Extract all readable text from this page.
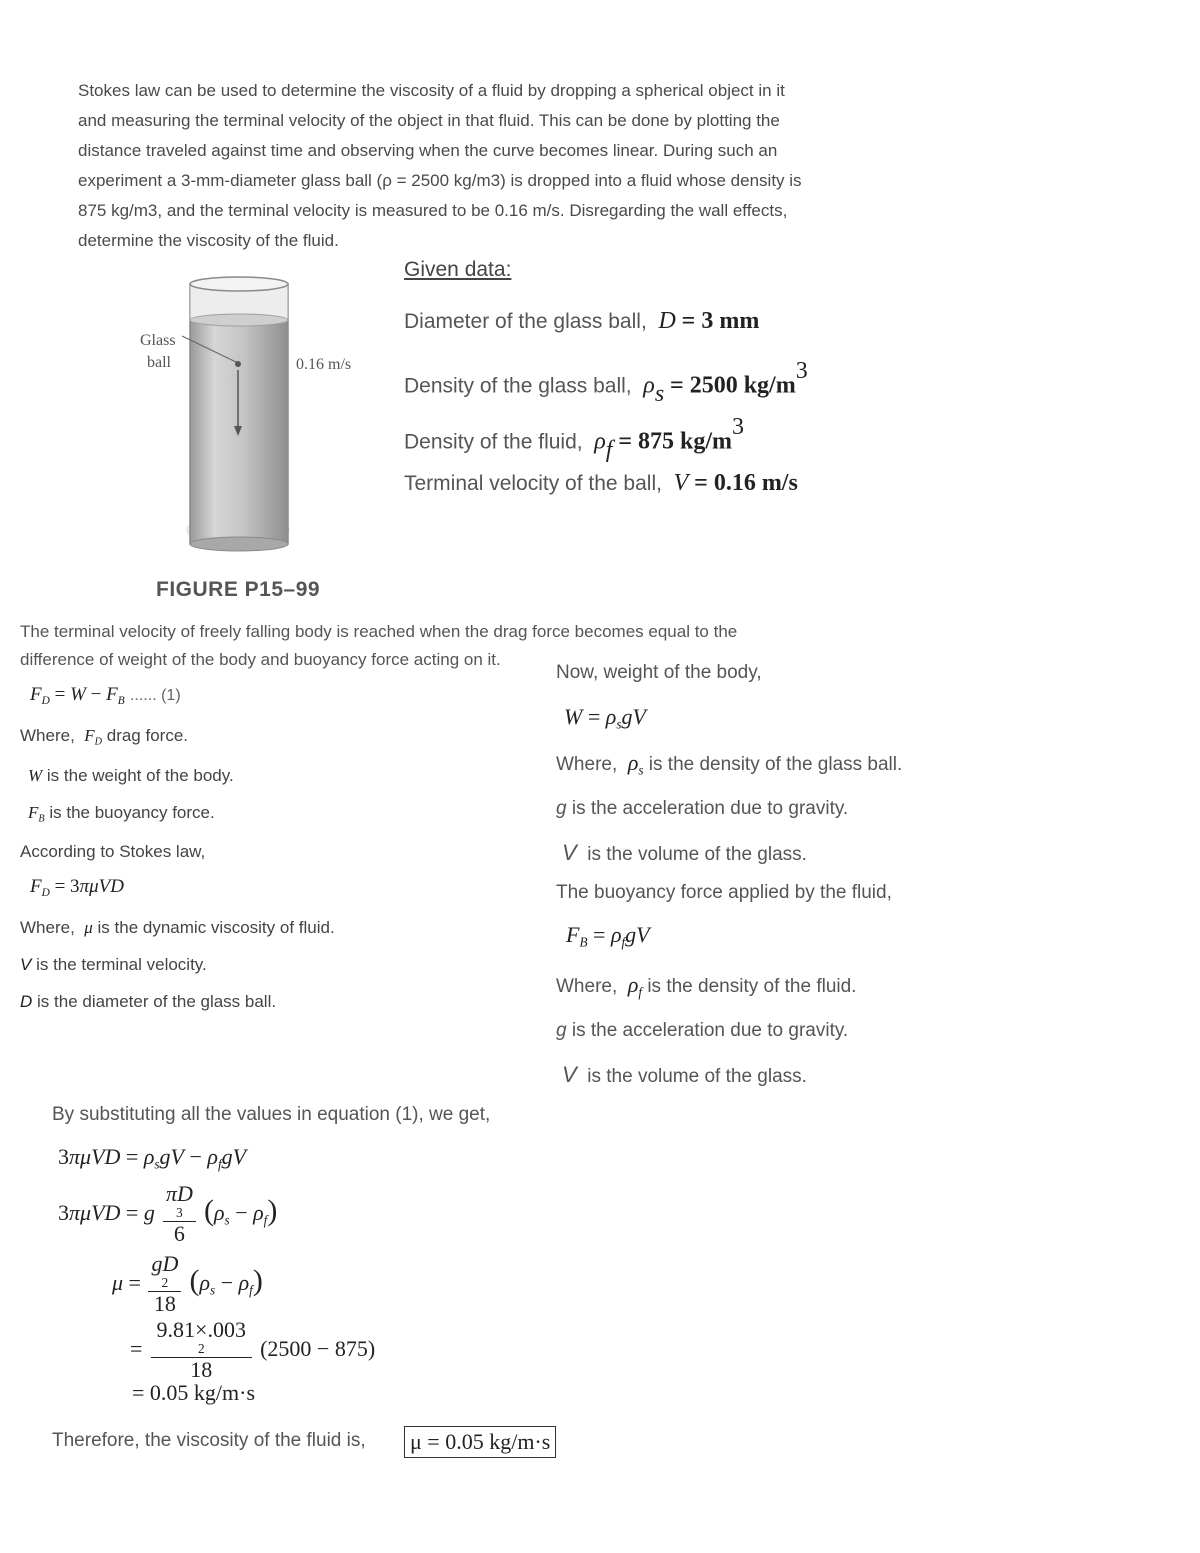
Stokes law can be used to determine the viscosity of a fluid by dropping a spherical object in it
and measuring the terminal velocity of the object in that fluid. This can be done by plotting the
distance traveled against time and observing when the curve becomes linear. During such an
experiment a 3-mm-diameter glass ball (ρ = 2500 kg/m3) is dropped into a fluid whose density is
875 kg/m3, and the terminal velocity is measured to be 0.16 m/s. Disregarding the wall effects,
determine the viscosity of the fluid.
Glass
ball	0.16 m/s
FIGURE P15–99
Given data:
Diameter of the glass ball, D = 3 mm
Density of the glass ball, ρs = 2500 kg/m3
Density of the fluid, ρf = 875 kg/m3
Terminal velocity of the ball, V = 0.16 m/s
The terminal velocity of freely falling body is reached when the drag force becomes equal to the
difference of weight of the body and buoyancy force acting on it.
$F_D = W - F_B$ ...... (1)
Where, $F_D$ drag force.
W is the weight of the body.
$F_B$ is the buoyancy force.
According to Stokes law,
$F_D = 3\pi\mu VD$
Where, μ is the dynamic viscosity of fluid.
V is the terminal velocity.
D is the diameter of the glass ball.
Now, weight of the body,
$W = \rho_sgV$
Where, $\rho_s$ is the density of the glass ball.
g is the acceleration due to gravity.
V is the volume of the glass.
The buoyancy force applied by the fluid,
$F_B = \rho_fgV$
Where, $\rho_f$ is the density of the fluid.
g is the acceleration due to gravity.
V is the volume of the glass.
By substituting all the values in equation (1), we get,
$3\pi\mu VD = \rho_sgV - \rho_fgV$
3πμVD = g πD
3
6 $(\rho_s - \rho_f)$
μ = gD
2
18 $(\rho_s - \rho_f)$
= 9.81×.003
2
18 (2500 − 875)
= 0.05 kg/m·s
Therefore, the viscosity of the fluid is, μ = 0.05 kg/m·s
